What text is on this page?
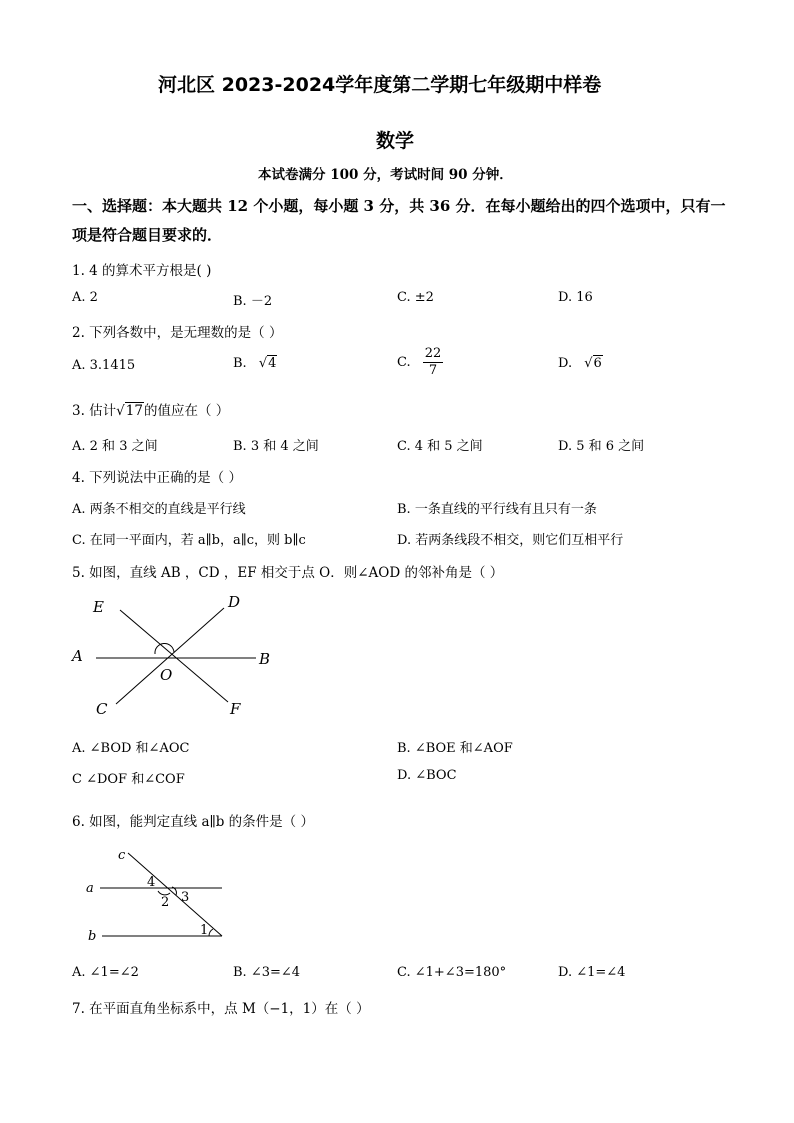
河北区 2023-2024学年度第二学期七年级期中样卷
数学
本试卷满分 100 分，考试时间 90 分钟．
一、选择题：本大题共 12 个小题，每小题 3 分，共 36 分．在每小题给出的四个选项中，只有一项是符合题目要求的．
1. 4 的算术平方根是( )
A. 2	B. －2	C. ±2	D. 16
2. 下列各数中，是无理数的是（ ）
A. 3.1415	B. √4	C. $\frac{22}{7}$	D. √6
3. 估计√17的值应在（ ）
A. 2 和 3 之间	B. 3 和 4 之间	C. 4 和 5 之间	D. 5 和 6 之间
4. 下列说法中正确的是（ ）
A. 两条不相交的直线是平行线	B. 一条直线的平行线有且只有一条
C. 在同一平面内，若 a∥b，a∥c，则 b∥c	D. 若两条线段不相交，则它们互相平行
5. 如图，直线 AB ，CD ，EF 相交于点 O．则∠AOD 的邻补角是（ ）
E	D
A	B
O
C	F
A. ∠BOD 和∠AOC	B. ∠BOE 和∠AOF
C ∠DOF 和∠COF	D. ∠BOC
6. 如图，能判定直线 a∥b 的条件是（ ）
c
a
b
4
2 3
1
A. ∠1=∠2	B. ∠3=∠4	C. ∠1+∠3=180°	D. ∠1=∠4
7. 在平面直角坐标系中，点 M（−1，1）在（ ）
